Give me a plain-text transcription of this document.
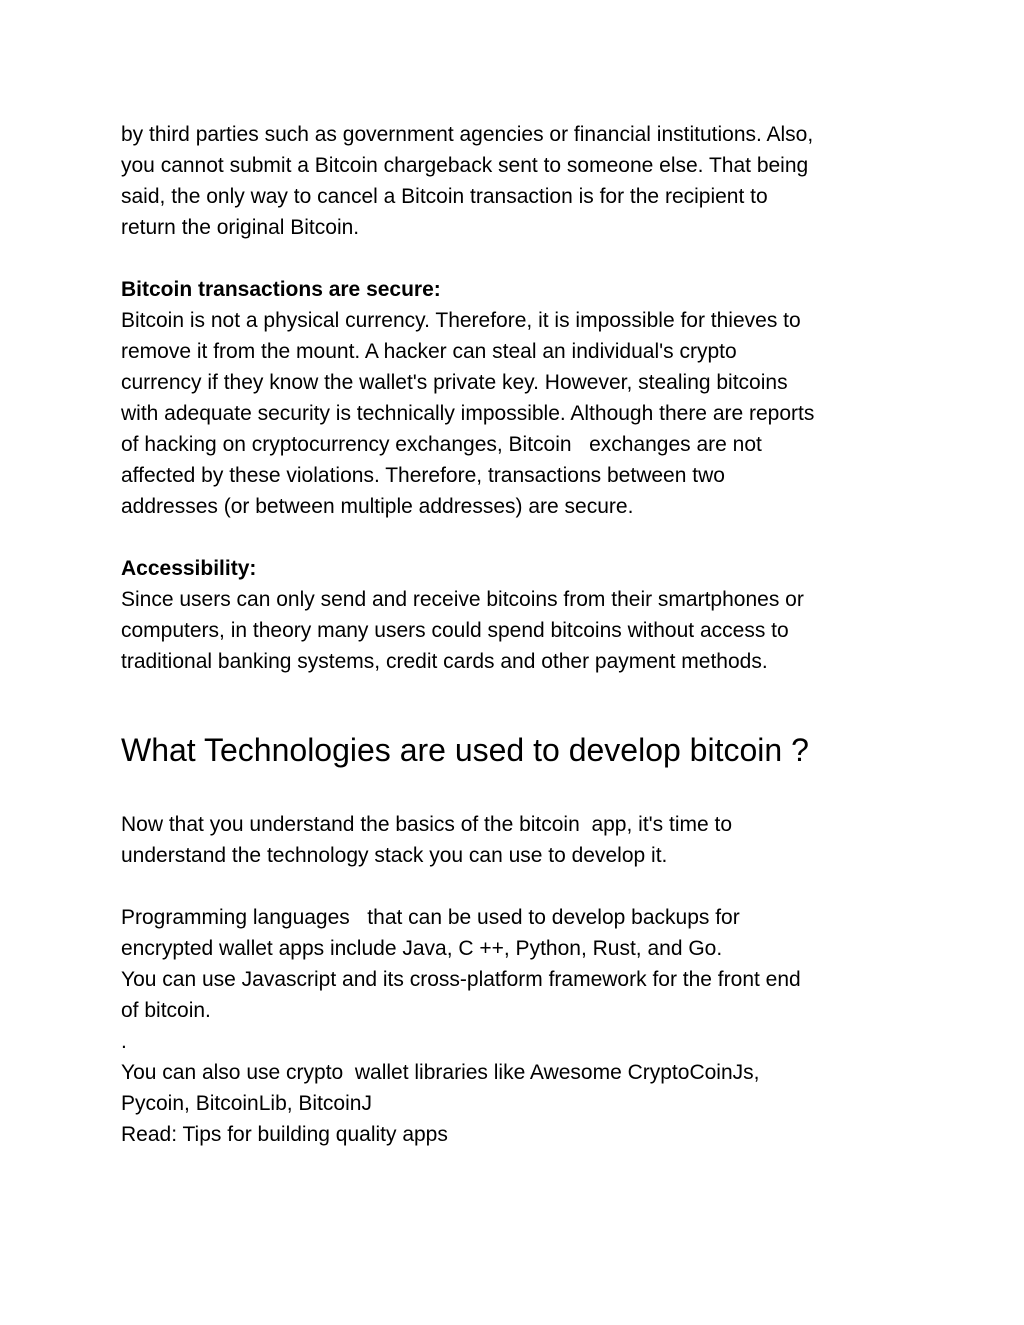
by third parties such as government agencies or financial institutions. Also,
you cannot submit a Bitcoin chargeback sent to someone else. That being
said, the only way to cancel a Bitcoin transaction is for the recipient to
return the original Bitcoin.
Bitcoin transactions are secure:
Bitcoin is not a physical currency. Therefore, it is impossible for thieves to
remove it from the mount. A hacker can steal an individual's crypto
currency if they know the wallet's private key. However, stealing bitcoins
with adequate security is technically impossible. Although there are reports
of hacking on cryptocurrency exchanges, Bitcoin   exchanges are not
affected by these violations. Therefore, transactions between two
addresses (or between multiple addresses) are secure.
Accessibility:
Since users can only send and receive bitcoins from their smartphones or
computers, in theory many users could spend bitcoins without access to
traditional banking systems, credit cards and other payment methods.
What Technologies are used to develop bitcoin ?
Now that you understand the basics of the bitcoin  app, it's time to
understand the technology stack you can use to develop it.
Programming languages   that can be used to develop backups for
encrypted wallet apps include Java, C ++, Python, Rust, and Go.
You can use Javascript and its cross-platform framework for the front end
of bitcoin.
.
You can also use crypto  wallet libraries like Awesome CryptoCoinJs,
Pycoin, BitcoinLib, BitcoinJ
Read: Tips for building quality apps
